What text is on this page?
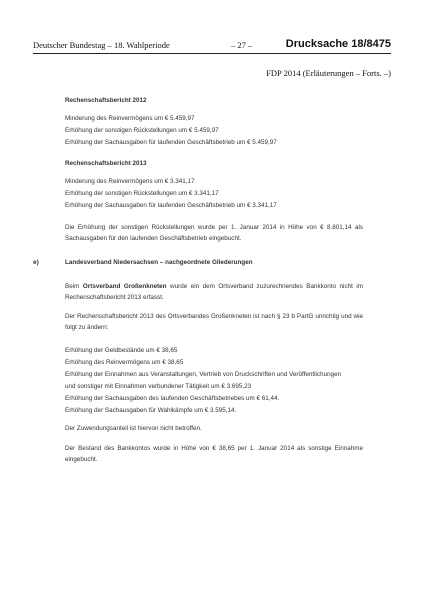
Deutscher Bundestag – 18. Wahlperiode	– 27 –	Drucksache 18/8475
FDP 2014 (Erläuterungen – Forts. –)
Rechenschaftsbericht 2012
Minderung des Reinvermögens um € 5.459,97
Erhöhung der sonstigen Rückstellungen um € 5.459,97
Erhöhung der Sachausgaben für laufenden Geschäftsbetrieb um € 5.459,97
Rechenschaftsbericht 2013
Minderung des Reinvermögens um € 3.341,17
Erhöhung der sonstigen Rückstellungen um € 3.341,17
Erhöhung der Sachausgaben für laufenden Geschäftsbetrieb um € 3.341,17
Die Erhöhung der sonstigen Rückstellungen wurde per 1. Januar 2014 in Höhe von € 8.801,14 als Sachausgaben für den laufenden Geschäftsbetrieb eingebucht.
e)	Landesverband Niedersachsen – nachgeordnete Gliederungen
Beim Ortsverband Großenkneten wurde ein dem Ortsverband zuzurechnendes Bankkonto nicht im Rechenschaftsbericht 2013 erfasst.
Der Rechenschaftsbericht 2013 des Ortsverbandes Großenkneten ist nach § 23 b PartG unrichtig und wie folgt zu ändern:
Erhöhung der Geldbestände um € 38,65
Erhöhung des Reinvermögens um € 38,65
Erhöhung der Einnahmen aus Veranstaltungen, Vertrieb von Druckschriften und Veröffentlichungen
und sonstiger mit Einnahmen verbundener Tätigkeit um € 3.695,23
Erhöhung der Sachausgaben des laufenden Geschäftsbetriebes um € 61,44.
Erhöhung der Sachausgaben für Wahlkämpfe um € 3.595,14.
Der Zuwendungsanteil ist hiervon nicht betroffen.
Der Bestand des Bankkontos wurde in Höhe von € 38,65 per 1. Januar 2014 als sonstige Einnahme eingebucht.
